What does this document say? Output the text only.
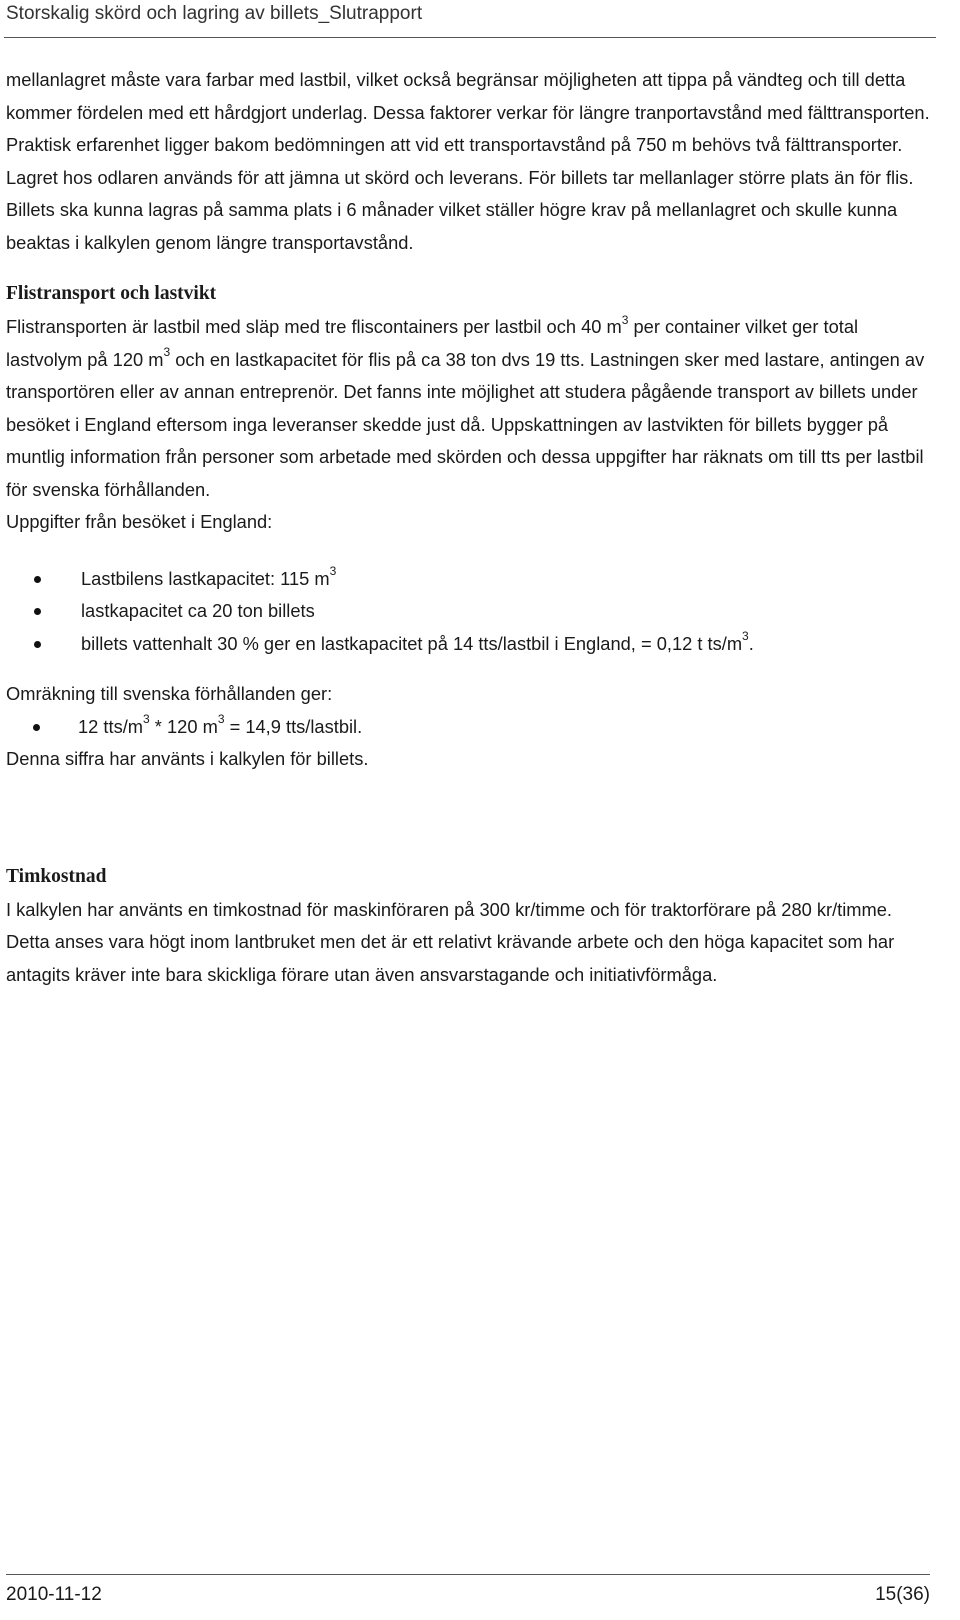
Storskalig skörd och lagring av billets_Slutrapport

mellanlagret måste vara farbar med lastbil, vilket också begränsar möjligheten att tippa på vändteg och till detta kommer fördelen med ett hårdgjort underlag. Dessa faktorer verkar för längre tranportavstånd med fälttransporten. Praktisk erfarenhet ligger bakom bedömningen att vid ett transportavstånd på 750 m behövs två fälttransporter. Lagret hos odlaren används för att jämna ut skörd och leverans. För billets tar mellanlager större plats än för flis. Billets ska kunna lagras på samma plats i 6 månader vilket ställer högre krav på mellanlagret och skulle kunna beaktas i kalkylen genom längre transportavstånd.

Flistransport och lastvikt

Flistransporten är lastbil med släp med tre fliscontainers per lastbil och 40 $m^3$ per container vilket ger total lastvolym på 120 $m^3$ och en lastkapacitet för flis på ca 38 ton dvs 19 tts. Lastningen sker med lastare, antingen av transportören eller av annan entreprenör. Det fanns inte möjlighet att studera pågående transport av billets under besöket i England eftersom inga leveranser skedde just då. Uppskattningen av lastvikten för billets bygger på muntlig information från personer som arbetade med skörden och dessa uppgifter har räknats om till tts per lastbil för svenska förhållanden.

Uppgifter från besöket i England:

Lastbilens lastkapacitet: 115 $m^3$
lastkapacitet ca 20 ton billets
billets vattenhalt 30 % ger en lastkapacitet på 14 tts/lastbil i England, = 0,12 t $ts/m^3$.

Omräkning till svenska förhållanden ger:

12 tts/$m^3 * 120$ $m^3 = 14,9$ tts/lastbil.

Denna siffra har använts i kalkylen för billets.

Timkostnad

I kalkylen har använts en timkostnad för maskinföraren på 300 kr/timme och för traktorförare på 280 kr/timme. Detta anses vara högt inom lantbruket men det är ett relativt krävande arbete och den höga kapacitet som har antagits kräver inte bara skickliga förare utan även ansvarstagande och initiativförmåga.

2010-11-12	15(36)
